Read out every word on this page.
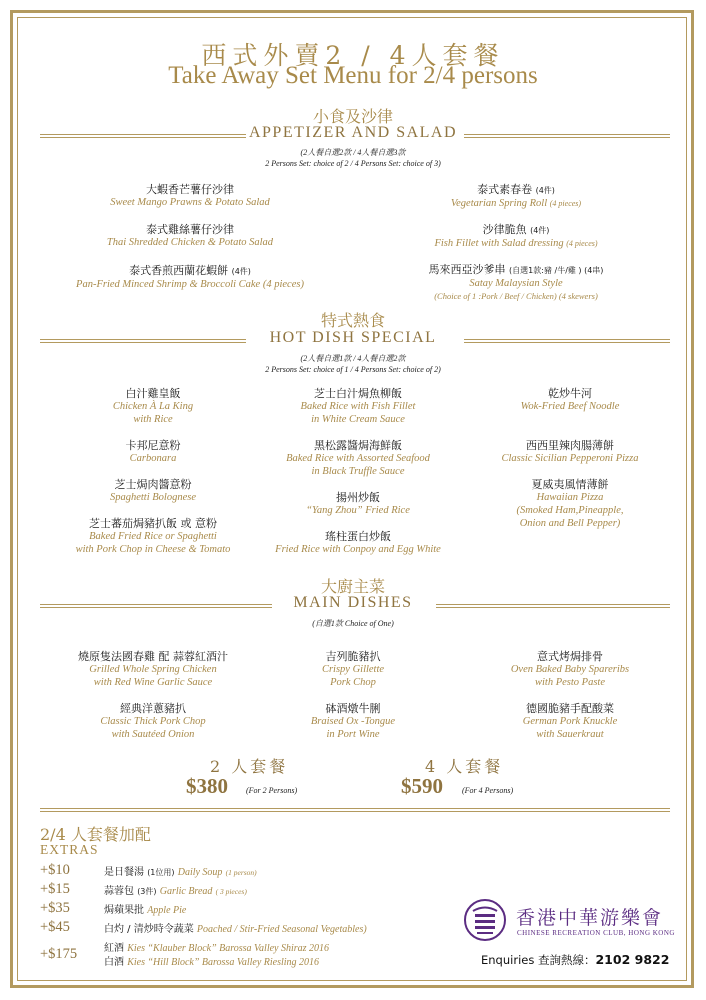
西式外賣2 / 4人套餐
Take Away Set Menu for 2/4 persons
小食及沙律
APPETIZER AND SALAD
(2人餐自選2款 / 4人餐自選3款
2 Persons Set: choice of 2 / 4 Persons Set: choice of 3)
大蝦香芒薯仔沙律
Sweet Mango Prawns & Potato Salad
泰式雞絲薯仔沙律
Thai Shredded Chicken & Potato Salad
泰式香煎西蘭花蝦餅 (4件)
Pan-Fried Minced Shrimp & Broccoli Cake (4 pieces)
泰式素春卷 (4件)
Vegetarian Spring Roll (4 pieces)
沙律脆魚 (4件)
Fish Fillet with Salad dressing (4 pieces)
馬來西亞沙爹串 (自選1款:豬 /牛/雞 ) (4串)
Satay Malaysian Style
(Choice of 1 :Pork / Beef / Chicken) (4 skewers)
特式熱食
HOT DISH SPECIAL
(2人餐自選1款 / 4人餐自選2款
2 Persons Set: choice of 1 / 4 Persons Set: choice of 2)
白汁雞皇飯
Chicken À La King
with Rice
卡邦尼意粉
Carbonara
芝士焗肉醬意粉
Spaghetti Bolognese
芝士蕃茄焗豬扒飯 或 意粉
Baked Fried Rice or Spaghetti
with Pork Chop in Cheese & Tomato
芝士白汁焗魚柳飯
Baked Rice with Fish Fillet
in White Cream Sauce
黑松露醬焗海鮮飯
Baked Rice with Assorted Seafood
in Black Truffle Sauce
揚州炒飯
“Yang Zhou” Fried Rice
瑤柱蛋白炒飯
Fried Rice with Conpoy and Egg White
乾炒牛河
Wok-Fried Beef Noodle
西西里辣肉腸薄餅
Classic Sicilian Pepperoni Pizza
夏威夷風情薄餅
Hawaiian Pizza
(Smoked Ham,Pineapple,
Onion and Bell Pepper)
大廚主菜
MAIN DISHES
(自選1款 Choice of One)
燒原隻法國春雞 配 蒜蓉紅酒汁
Grilled Whole Spring Chicken
with Red Wine Garlic Sauce
經典洋蔥豬扒
Classic Thick Pork Chop
with Sautéed Onion
吉列脆豬扒
Crispy Gillette
Pork Chop
砵酒燉牛脷
Braised Ox -Tongue
in Port Wine
意式烤焗排骨
Oven Baked Baby Spareribs
with Pesto Paste
德國脆豬手配酸菜
German Pork Knuckle
with Sauerkraut
2 人套餐
$380 (For 2 Persons)
4 人套餐
$590 (For 4 Persons)
2/4 人套餐加配
EXTRAS
+$10	是日餐湯 (1位用) Daily Soup (1 person)
+$15	蒜蓉包 (3件) Garlic Bread ( 3 pieces)
+$35	焗蘋果批 Apple Pie
+$45	白灼 / 清炒時令蔬菜 Poached / Stir-Fried Seasonal Vegetables)
+$175	紅酒 Kies “Klauber Block” Barossa Valley Shiraz 2016
白酒 Kies “Hill Block” Barossa Valley Riesling 2016
香港中華游樂會
CHINESE RECREATION CLUB, HONG KONG
Enquiries 查詢熱線：2102 9822
